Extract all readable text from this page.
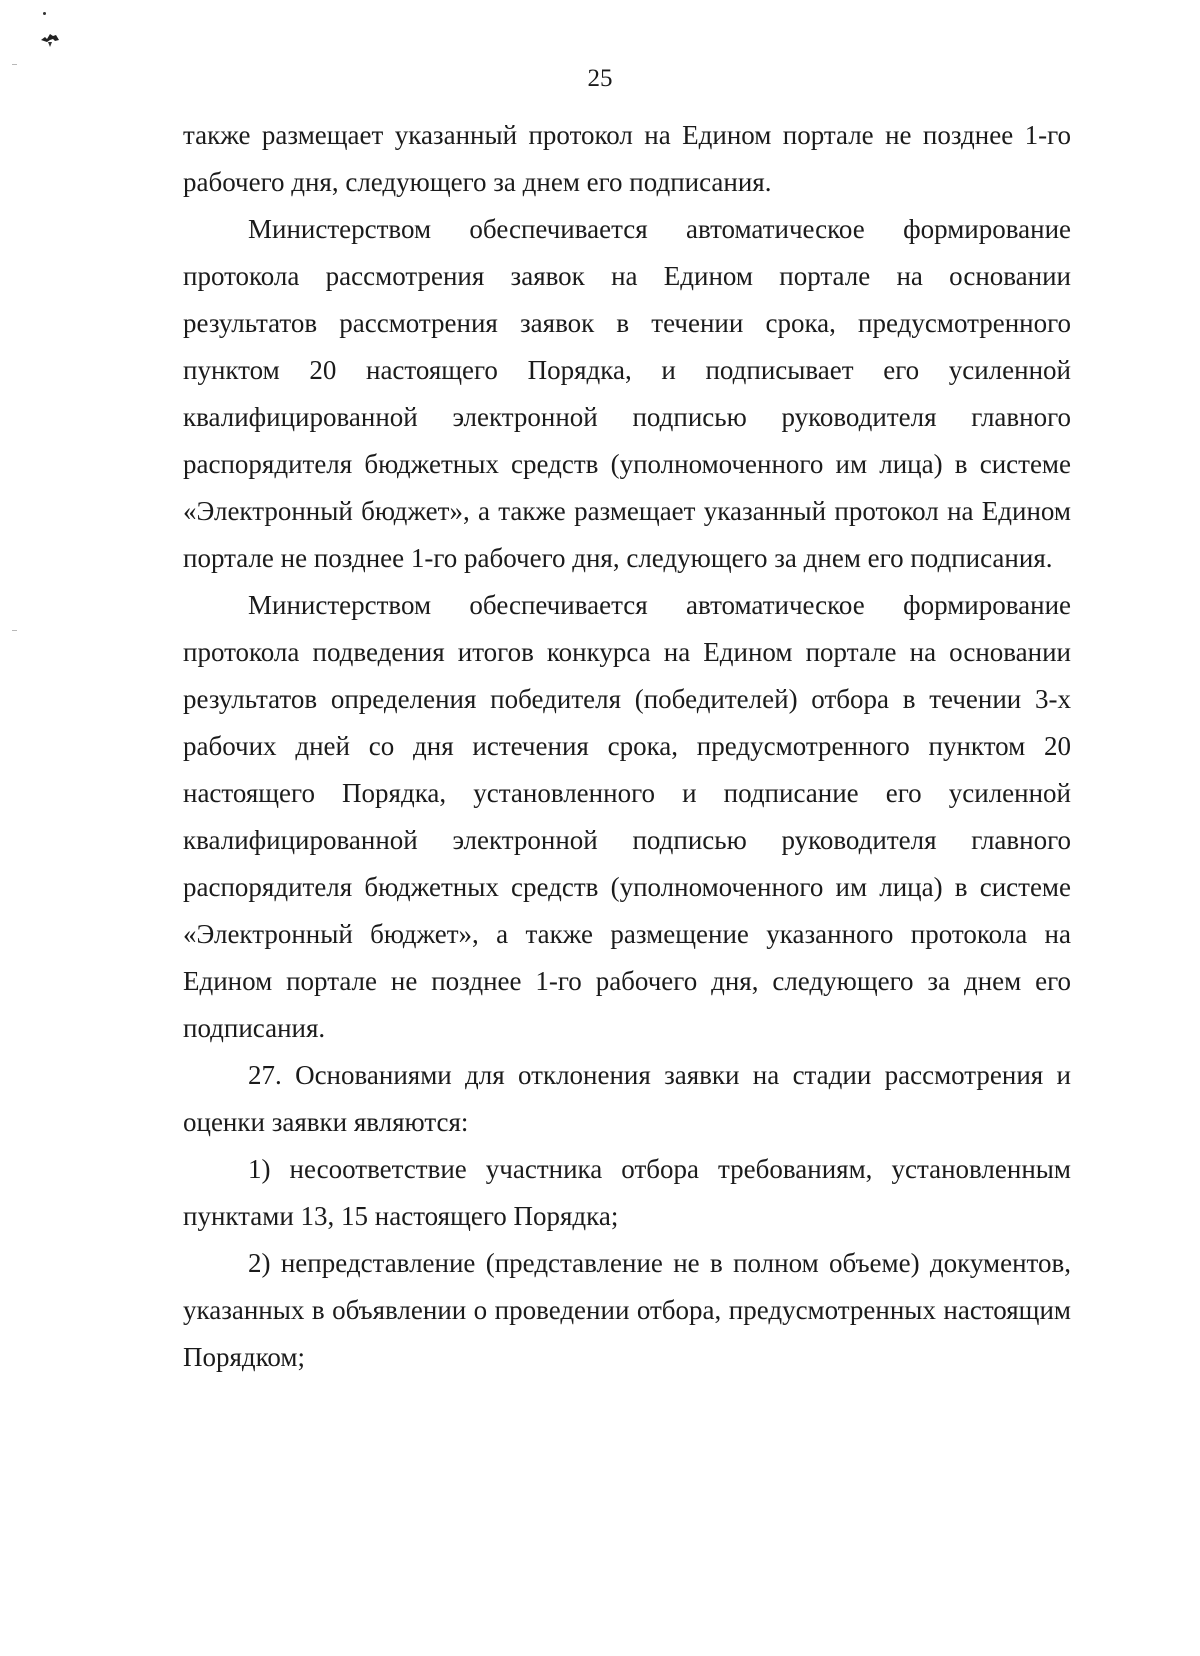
25

также размещает указанный протокол на Едином портале не позднее 1-го рабочего дня, следующего за днем его подписания.

Министерством обеспечивается автоматическое формирование протокола рассмотрения заявок на Едином портале на основании результатов рассмотрения заявок в течении срока, предусмотренного пунктом 20 настоящего Порядка, и подписывает его усиленной квалифицированной электронной подписью руководителя главного распорядителя бюджетных средств (уполномоченного им лица) в системе «Электронный бюджет», а также размещает указанный протокол на Едином портале не позднее 1-го рабочего дня, следующего за днем его подписания.

Министерством обеспечивается автоматическое формирование протокола подведения итогов конкурса на Едином портале на основании результатов определения победителя (победителей) отбора в течении 3-х рабочих дней со дня истечения срока, предусмотренного пунктом 20 настоящего Порядка, установленного и подписание его усиленной квалифицированной электронной подписью руководителя главного распорядителя бюджетных средств (уполномоченного им лица) в системе «Электронный бюджет», а также размещение указанного протокола на Едином портале не позднее 1-го рабочего дня, следующего за днем его подписания.

27. Основаниями для отклонения заявки на стадии рассмотрения и оценки заявки являются:

1) несоответствие участника отбора требованиям, установленным пунктами 13, 15 настоящего Порядка;

2) непредставление (представление не в полном объеме) документов, указанных в объявлении о проведении отбора, предусмотренных настоящим Порядком;
